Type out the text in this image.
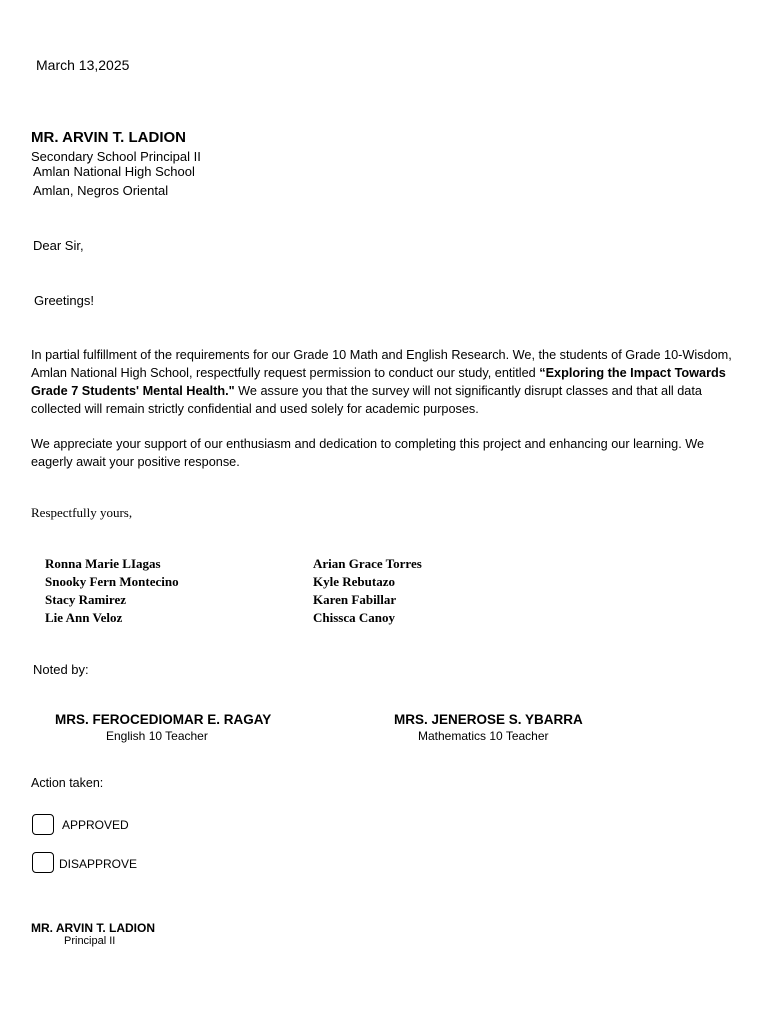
March 13,2025
MR. ARVIN T. LADION
Secondary School Principal II
Amlan National High School
Amlan, Negros Oriental
Dear Sir,
Greetings!
In partial fulfillment of the requirements for our Grade 10 Math and English Research. We, the students of Grade 10-Wisdom, Amlan National High School, respectfully request permission to conduct our study, entitled “Exploring the Impact Towards Grade 7 Students' Mental Health." We assure you that the survey will not significantly disrupt classes and that all data collected will remain strictly confidential and used solely for academic purposes.
We appreciate your support of our enthusiasm and dedication to completing this project and enhancing our learning. We eagerly await your positive response.
Respectfully yours,
Ronna Marie LIagas
Snooky Fern Montecino
Stacy Ramirez
Lie Ann Veloz
Arian Grace Torres
Kyle Rebutazo
Karen Fabillar
Chissca Canoy
Noted by:
MRS. FEROCEDIOMAR E. RAGAY
English 10 Teacher
MRS. JENEROSE S. YBARRA
Mathematics 10 Teacher
Action taken:
APPROVED
DISAPPROVE
MR. ARVIN T. LADION
Principal II
